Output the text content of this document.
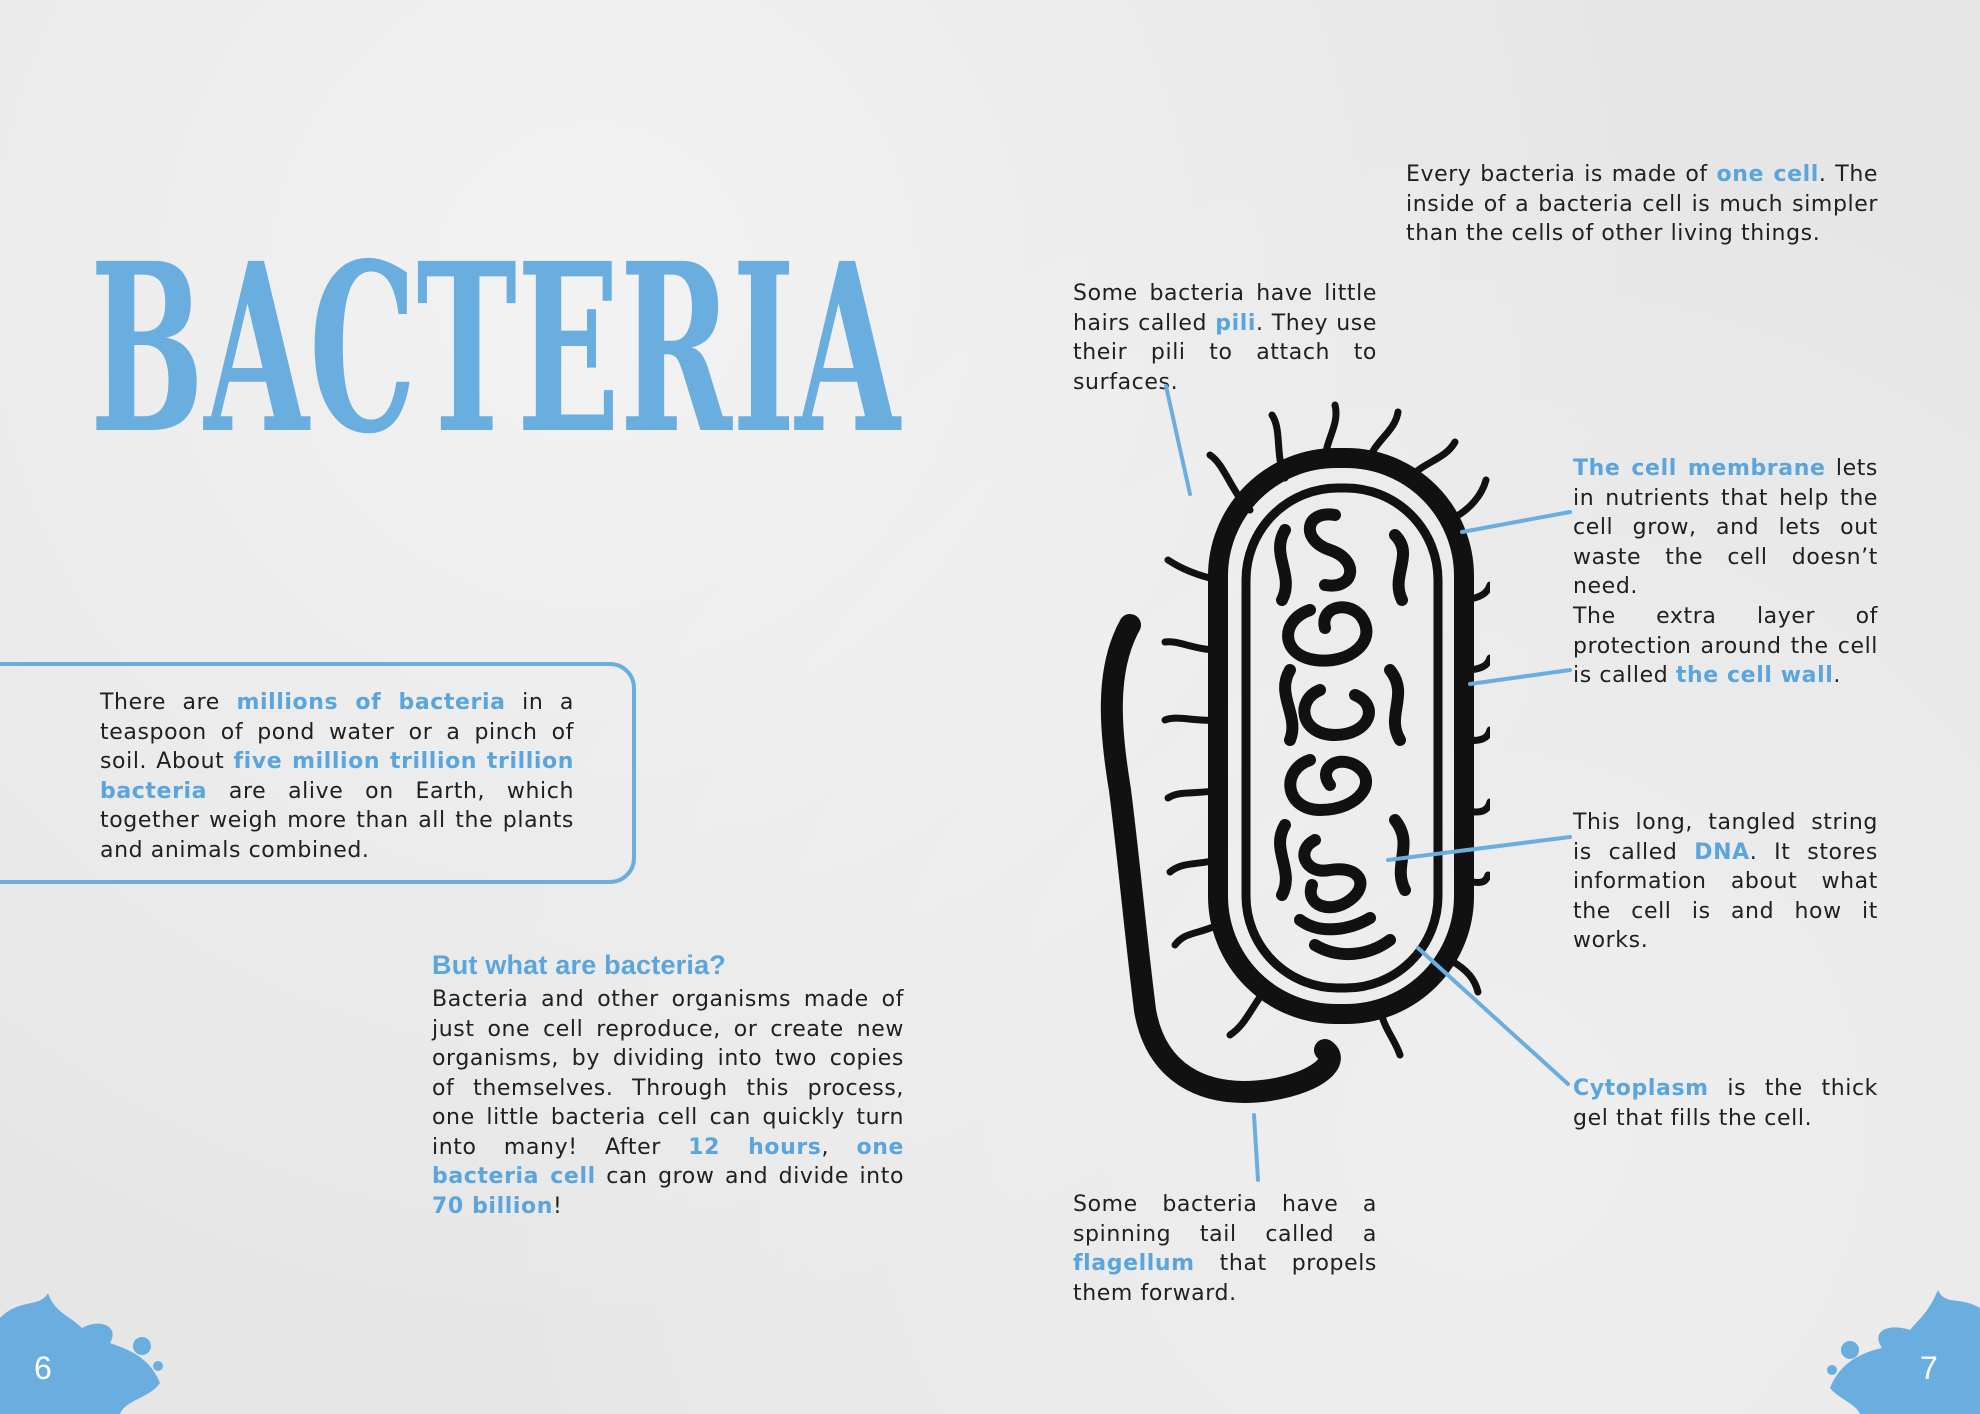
BACTERIA

There are millions of bacteria in a teaspoon of pond water or a pinch of soil. About five million trillion trillion bacteria are alive on Earth, which together weigh more than all the plants and animals combined.

But what are bacteria?

Bacteria and other organisms made of just one cell reproduce, or create new organisms, by dividing into two copies of themselves. Through this process, one little bacteria cell can quickly turn into many! After 12 hours, one bacteria cell can grow and divide into 70 billion!

Every bacteria is made of one cell. The inside of a bacteria cell is much simpler than the cells of other living things.

Some bacteria have little hairs called pili. They use their pili to attach to surfaces.

The cell membrane lets in nutrients that help the cell grow, and lets out waste the cell doesn’t need.

The extra layer of protection around the cell is called the cell wall.

This long, tangled string is called DNA. It stores information about what the cell is and how it works.

Cytoplasm is the thick gel that fills the cell.

Some bacteria have a spinning tail called a flagellum that propels them forward.

6	7
